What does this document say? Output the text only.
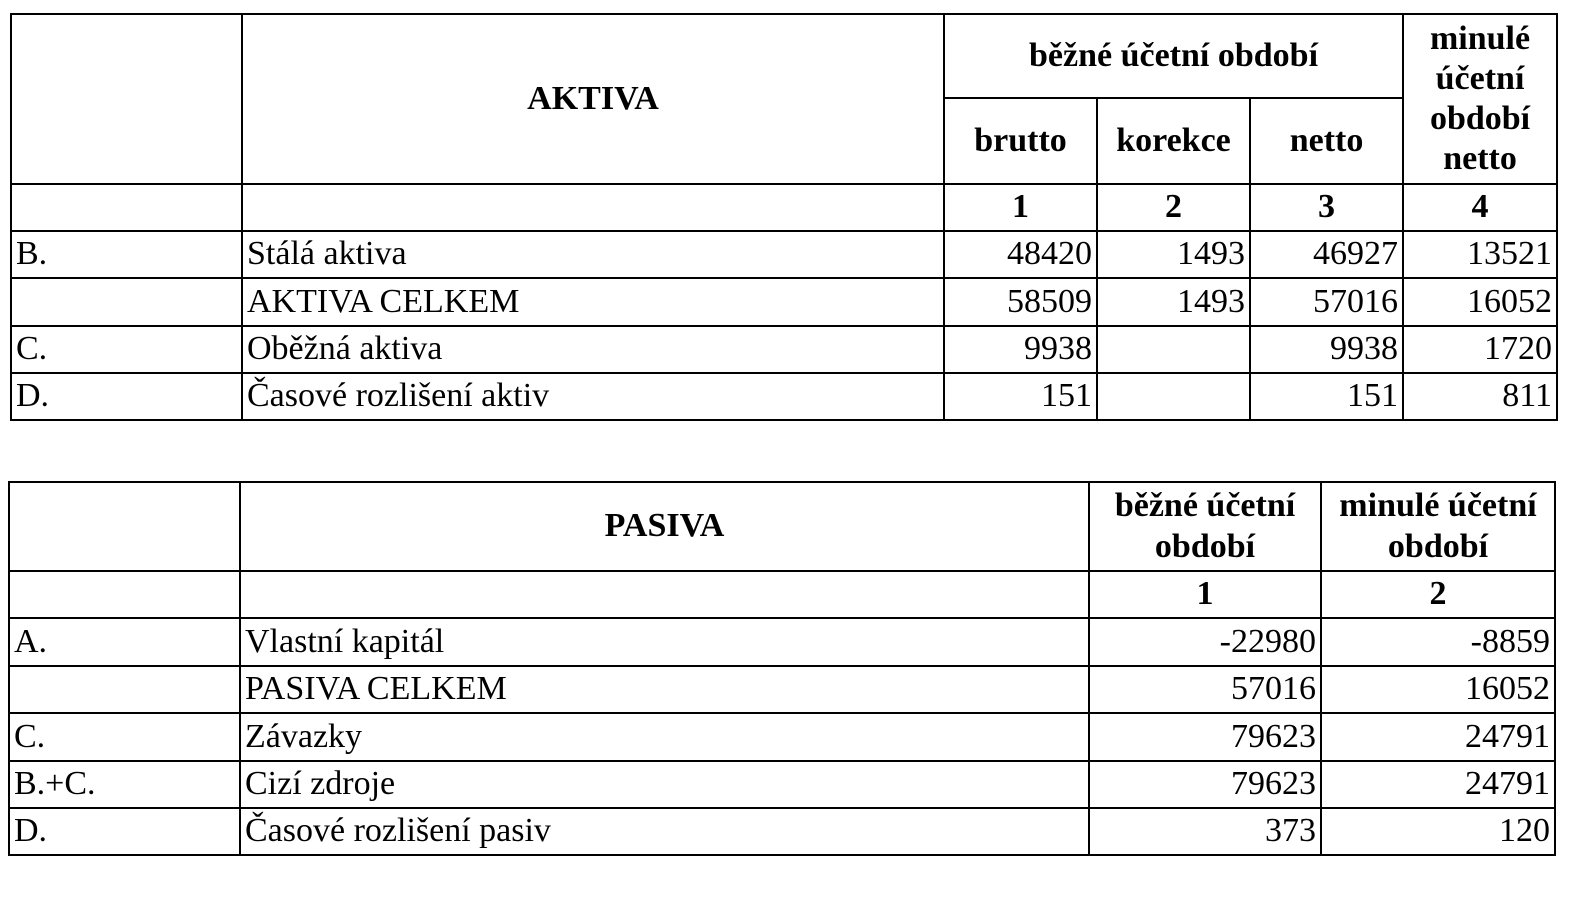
	AKTIVA	běžné účetní období			minulé účetní období netto
		brutto	korekce	netto	
		1	2	3	4
B.	Stálá aktiva	48420	1493	46927	13521
	AKTIVA CELKEM	58509	1493	57016	16052
C.	Oběžná aktiva	9938		9938	1720
D.	Časové rozlišení aktiv	151		151	811
	PASIVA	běžné účetní období	minulé účetní období
		1	2
A.	Vlastní kapitál	-22980	-8859
	PASIVA CELKEM	57016	16052
C.	Závazky	79623	24791
B.+C.	Cizí zdroje	79623	24791
D.	Časové rozlišení pasiv	373	120
